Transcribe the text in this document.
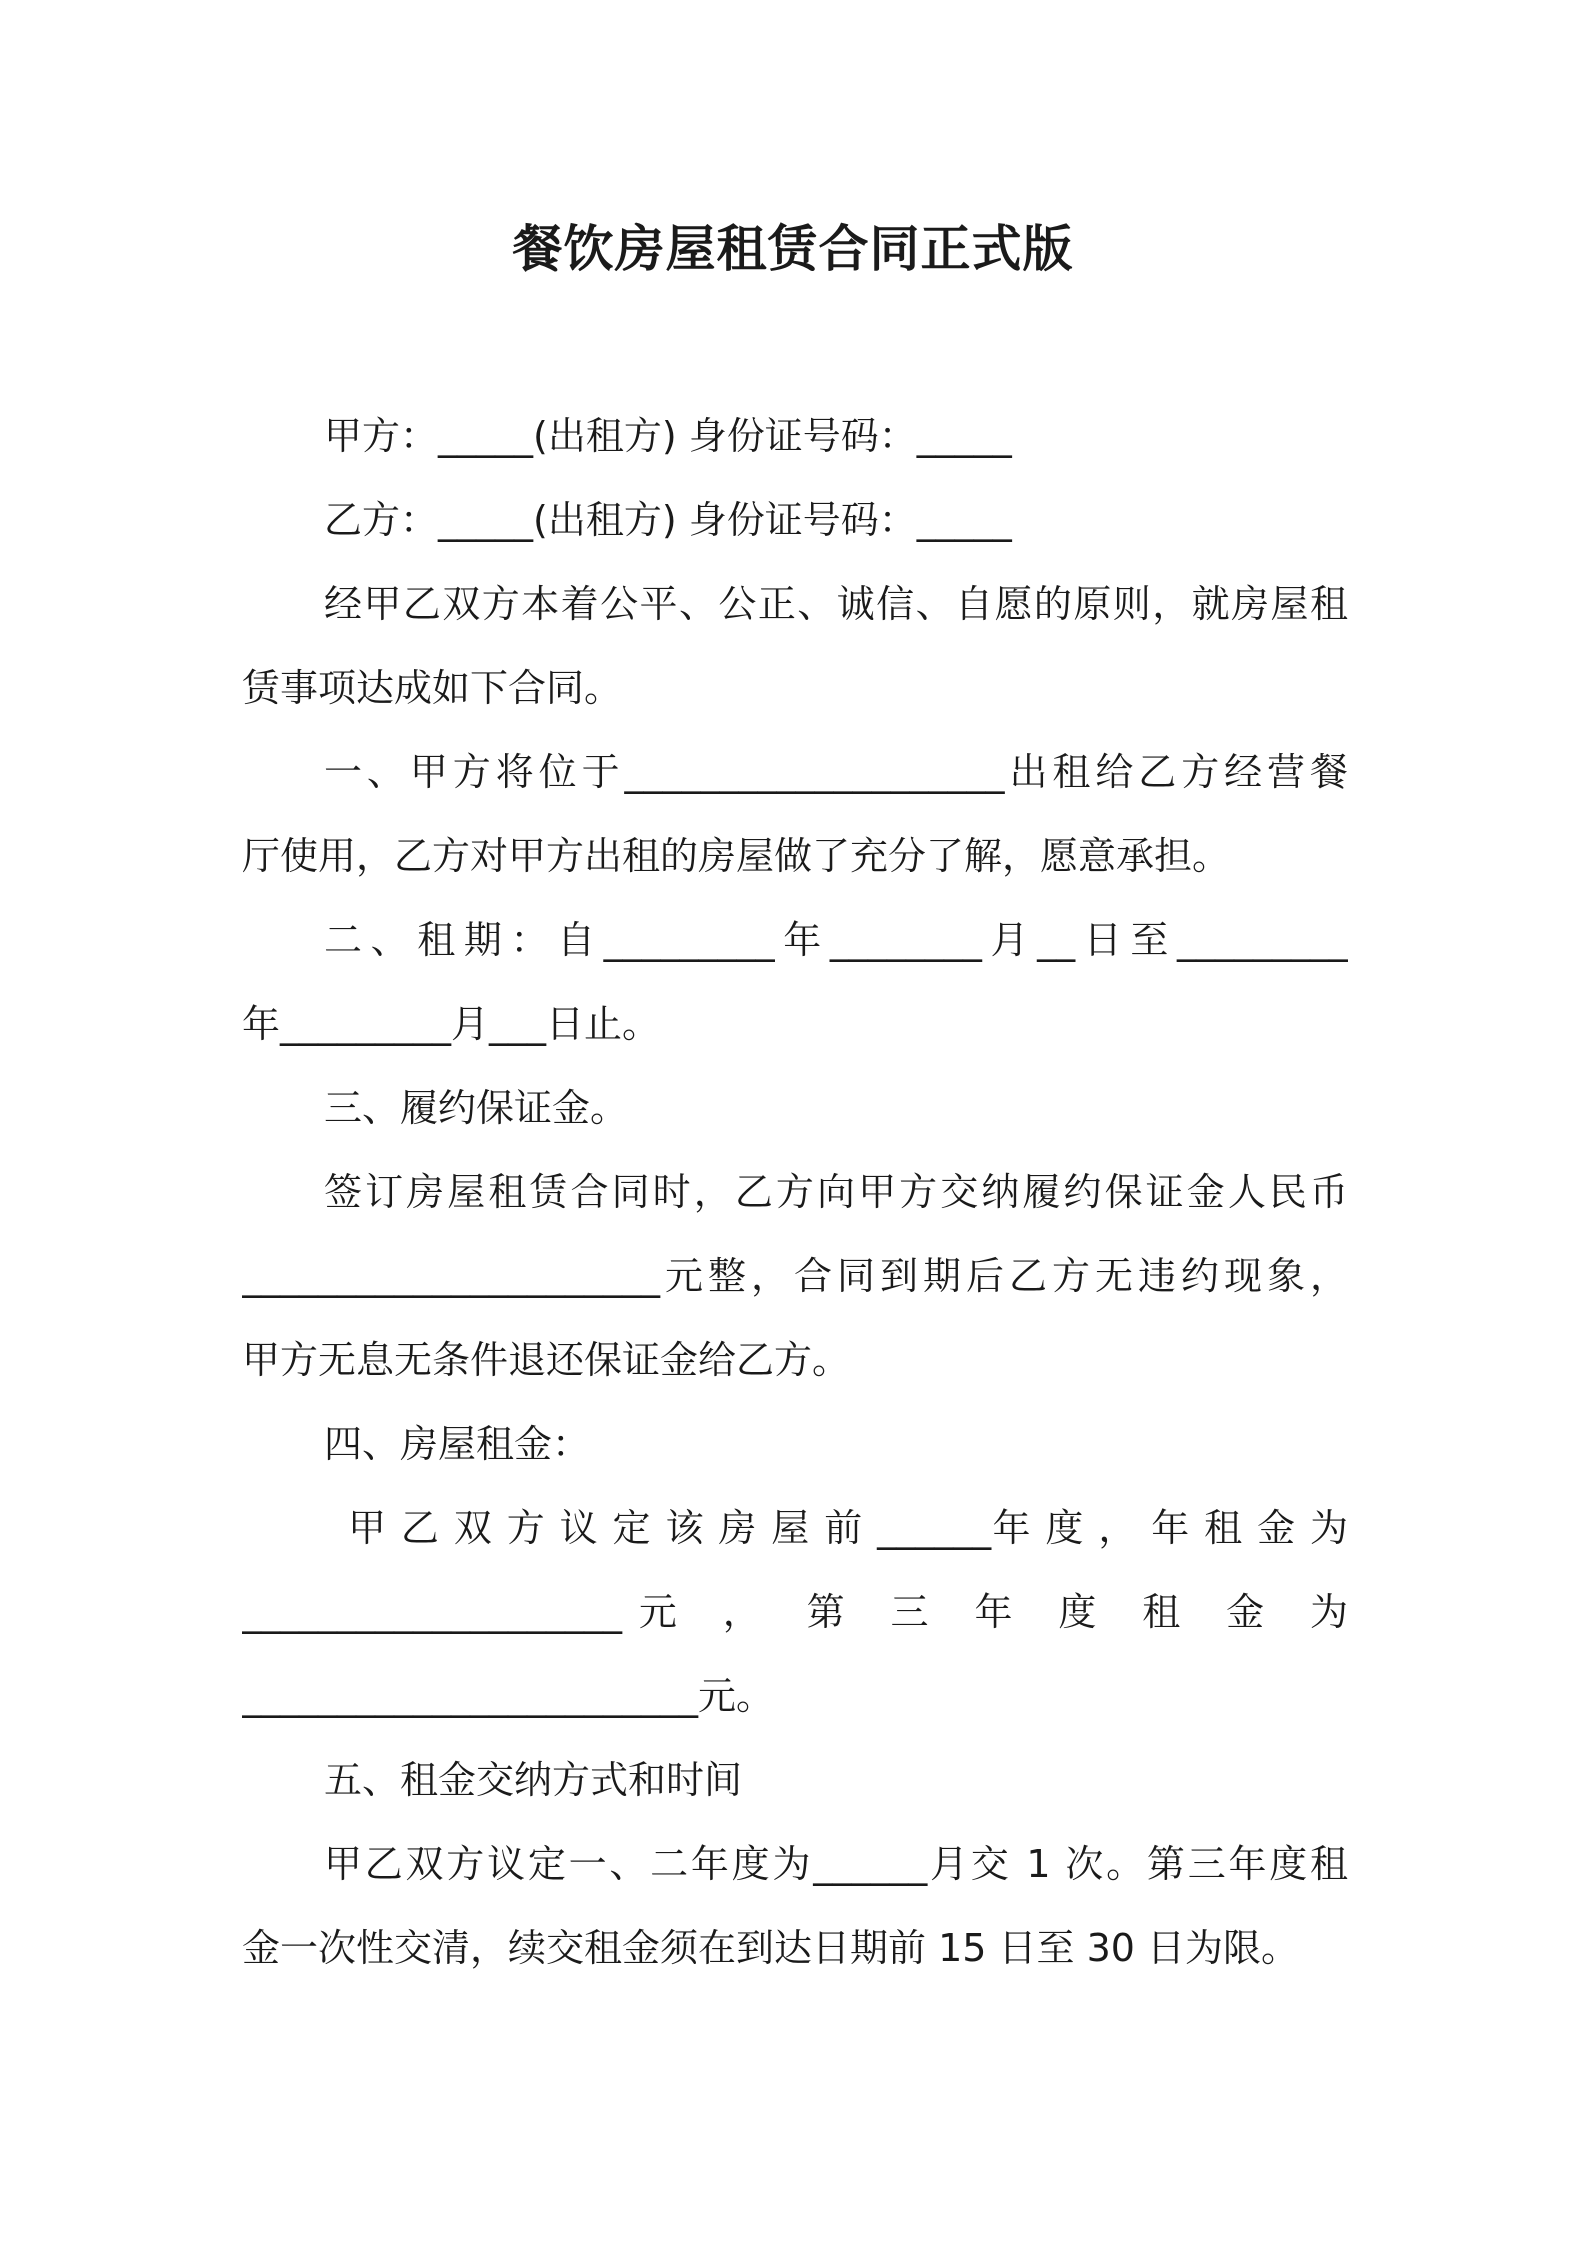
餐饮房屋租赁合同正式版
甲方：_____(出租方) 身份证号码：_____
乙方：_____(出租方) 身份证号码：_____
经甲乙双方本着公平、公正、诚信、自愿的原则，就房屋租
赁事项达成如下合同。
一、甲方将位于____________________出租给乙方经营餐
厅使用，乙方对甲方出租的房屋做了充分了解，愿意承担。
二、租期：自_________年________月__日至_________
年_________月___日止。
三、履约保证金。
签订房屋租赁合同时，乙方向甲方交纳履约保证金人民币
______________________元整，合同到期后乙方无违约现象，
甲方无息无条件退还保证金给乙方。
四、房屋租金：
甲 乙 双 方 议 定 该 房 屋 前 ______年 度 ， 年 租 金 为
____________________元 ， 第 三 年 度 租 金 为
________________________元。
五、租金交纳方式和时间
甲乙双方议定一、二年度为______月交 1 次。第三年度租
金一次性交清，续交租金须在到达日期前 15 日至 30 日为限。
